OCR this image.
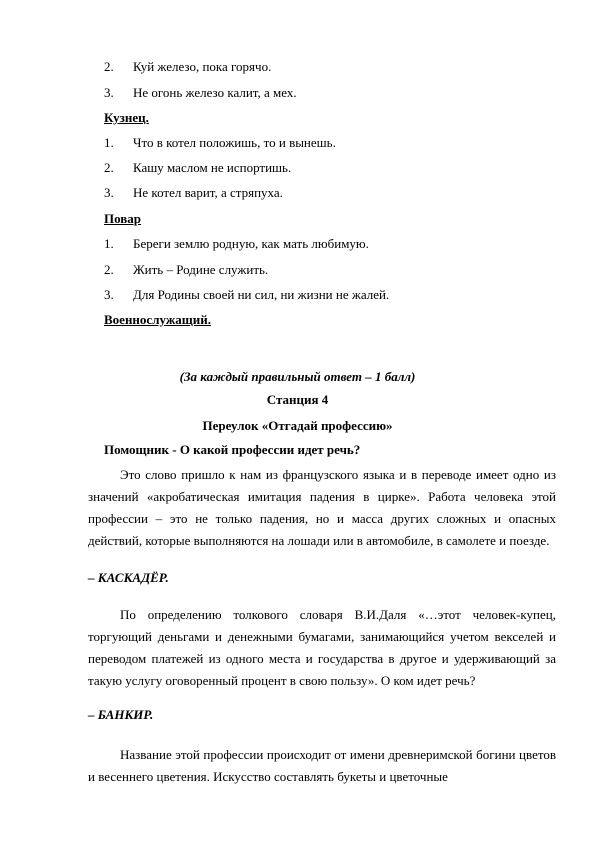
2. Куй железо, пока горячо.
3. Не огонь железо калит, а мех.
Кузнец.
1. Что в котел положишь, то и вынешь.
2. Кашу маслом не испортишь.
3. Не котел варит, а стряпуха.
Повар
1. Береги землю родную, как мать любимую.
2. Жить – Родине служить.
3. Для Родины своей ни сил, ни жизни не жалей.
Военнослужащий.
(За каждый правильный ответ – 1 балл)
Станция 4
Переулок «Отгадай профессию»
Помощник - О какой профессии идет речь?

Это слово пришло к нам из французского языка и в переводе имеет одно из значений «акробатическая имитация падения в цирке». Работа человека этой профессии – это не только падения, но и масса других сложных и опасных действий, которые выполняются на лошади или в автомобиле, в самолете и поезде.

– КАСКАДЁР.

По определению толкового словаря В.И.Даля «…этот человек-купец, торгующий деньгами и денежными бумагами, занимающийся учетом векселей и переводом платежей из одного места и государства в другое и удерживающий за такую услугу оговоренный процент в свою пользу». О ком идет речь?

– БАНКИР.

Название этой профессии происходит от имени древнеримской богини цветов и весеннего цветения. Искусство составлять букеты и цветочные
